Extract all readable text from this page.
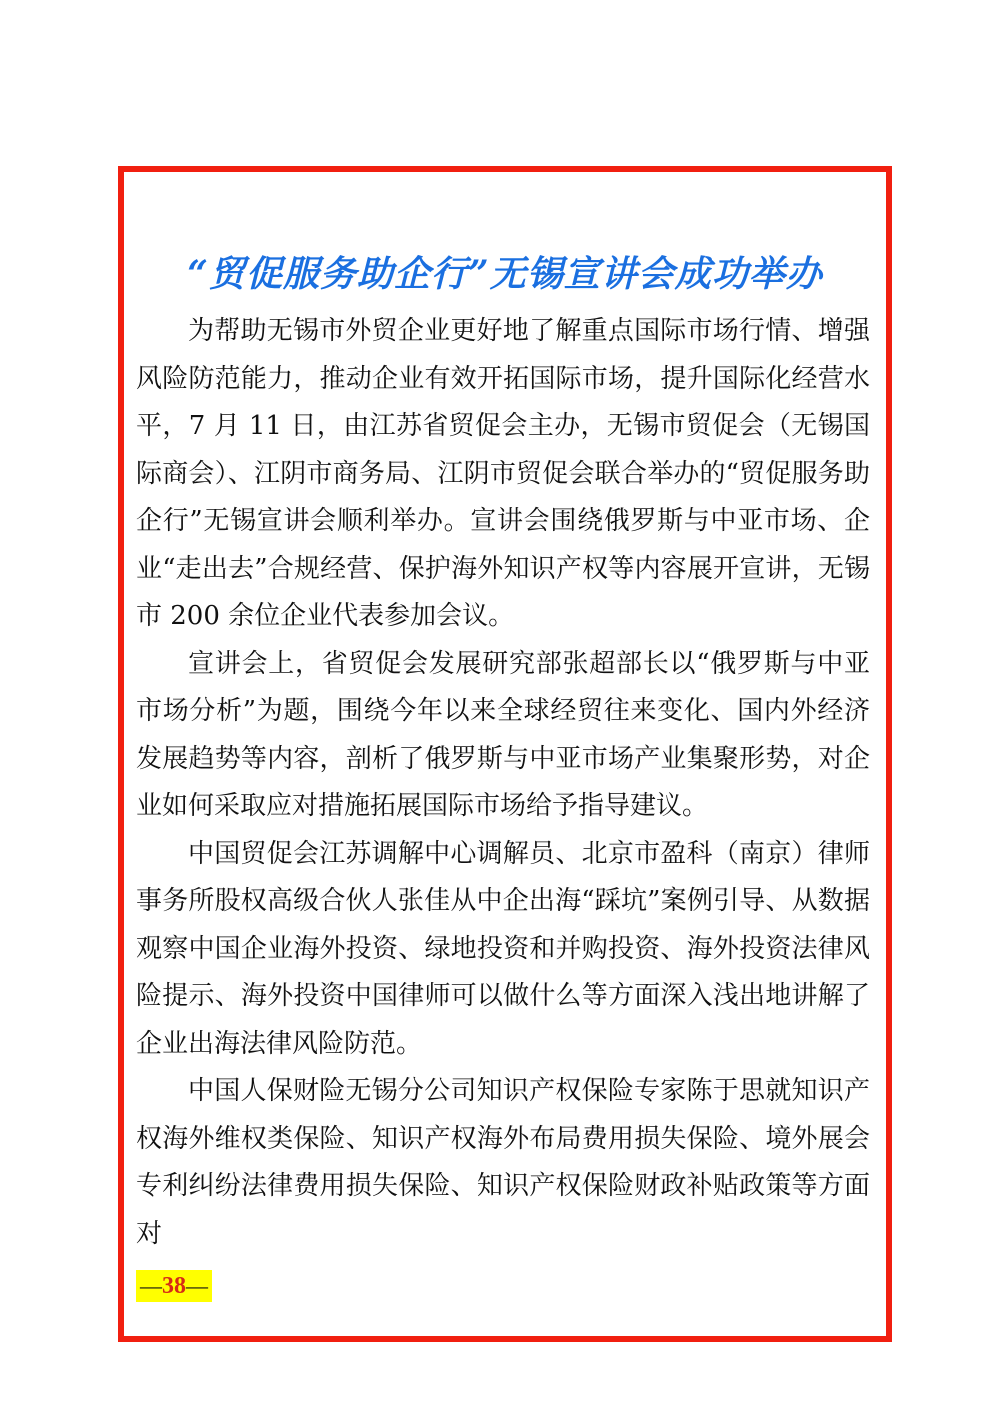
“贸促服务助企行”无锡宣讲会成功举办

为帮助无锡市外贸企业更好地了解重点国际市场行情、增强风险防范能力，推动企业有效开拓国际市场，提升国际化经营水平，7 月 11 日，由江苏省贸促会主办，无锡市贸促会（无锡国际商会）、江阴市商务局、江阴市贸促会联合举办的“贸促服务助企行”无锡宣讲会顺利举办。宣讲会围绕俄罗斯与中亚市场、企业“走出去”合规经营、保护海外知识产权等内容展开宣讲，无锡市 200 余位企业代表参加会议。

宣讲会上，省贸促会发展研究部张超部长以“俄罗斯与中亚市场分析”为题，围绕今年以来全球经贸往来变化、国内外经济发展趋势等内容，剖析了俄罗斯与中亚市场产业集聚形势，对企业如何采取应对措施拓展国际市场给予指导建议。

中国贸促会江苏调解中心调解员、北京市盈科（南京）律师事务所股权高级合伙人张佳从中企出海“踩坑”案例引导、从数据观察中国企业海外投资、绿地投资和并购投资、海外投资法律风险提示、海外投资中国律师可以做什么等方面深入浅出地讲解了企业出海法律风险防范。

中国人保财险无锡分公司知识产权保险专家陈于思就知识产权海外维权类保险、知识产权海外布局费用损失保险、境外展会专利纠纷法律费用损失保险、知识产权保险财政补贴政策等方面对

—38—
